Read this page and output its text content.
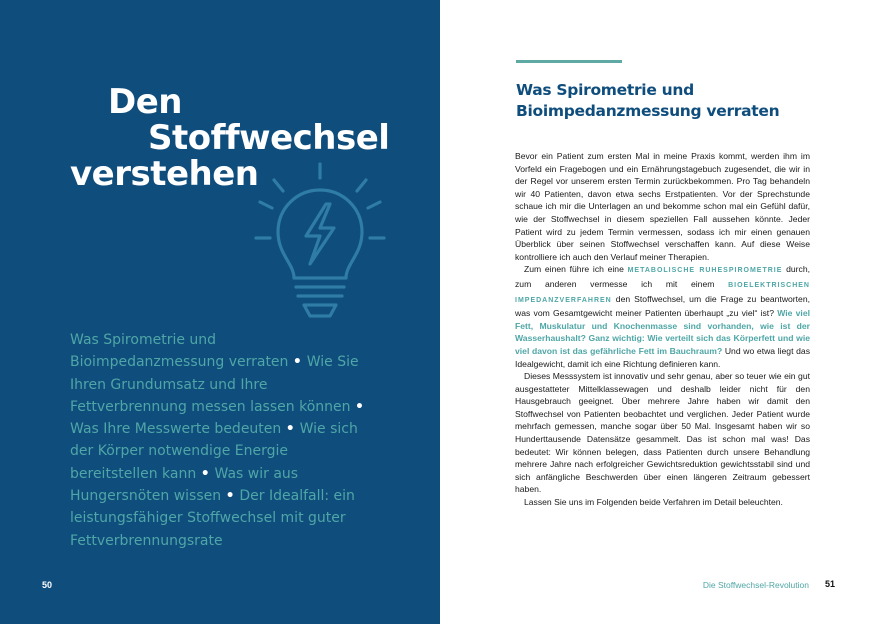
Den
Stoffwechsel
verstehen
Was Spirometrie und Bioimpedanzmessung verraten • Wie Sie Ihren Grundumsatz und Ihre Fettverbrennung messen lassen können • Was Ihre Messwerte bedeuten • Wie sich der Körper notwendige Energie bereitstellen kann • Was wir aus Hungersnöten wissen • Der Idealfall: ein leistungsfähiger Stoffwechsel mit guter Fettverbrennungsrate
50
Was Spirometrie und
Bioimpedanzmessung verraten

Bevor ein Patient zum ersten Mal in meine Praxis kommt, werden ihm im Vorfeld ein Fragebogen und ein Ernährungstagebuch zugesendet, die wir in der Regel vor unserem ersten Termin zurückbekommen. Pro Tag behandeln wir 40 Patienten, davon etwa sechs Erstpatienten. Vor der Sprechstunde schaue ich mir die Unterlagen an und bekomme schon mal ein Gefühl dafür, wie der Stoffwechsel in diesem speziellen Fall aussehen könnte. Jeder Patient wird zu jedem Termin vermessen, sodass ich mir einen genauen Überblick über seinen Stoffwechsel verschaffen kann. Auf diese Weise kontrolliere ich auch den Verlauf meiner Therapien.

Zum einen führe ich eine METABOLISCHE RUHESPIROMETRIE durch, zum anderen vermesse ich mit einem BIOELEKTRISCHEN IMPEDANZVERFAHREN den Stoffwechsel, um die Frage zu beantworten, was vom Gesamtgewicht meiner Patienten überhaupt „zu viel“ ist? Wie viel Fett, Muskulatur und Knochenmasse sind vorhanden, wie ist der Wasserhaushalt? Ganz wichtig: Wie verteilt sich das Körperfett und wie viel davon ist das gefährliche Fett im Bauchraum? Und wo etwa liegt das Idealgewicht, damit ich eine Richtung definieren kann.

Dieses Messsystem ist innovativ und sehr genau, aber so teuer wie ein gut ausgestatteter Mittelklassewagen und deshalb leider nicht für den Hausgebrauch geeignet. Über mehrere Jahre haben wir damit den Stoffwechsel von Patienten beobachtet und verglichen. Jeder Patient wurde mehrfach gemessen, manche sogar über 50 Mal. Insgesamt haben wir so Hunderttausende Datensätze gesammelt. Das ist schon mal was! Das bedeutet: Wir können belegen, dass Patienten durch unsere Behandlung mehrere Jahre nach erfolgreicher Gewichtsreduktion gewichtsstabil sind und sich anfängliche Beschwerden über einen längeren Zeitraum gebessert haben.

Lassen Sie uns im Folgenden beide Verfahren im Detail beleuchten.

Die Stoffwechsel-Revolution 51
